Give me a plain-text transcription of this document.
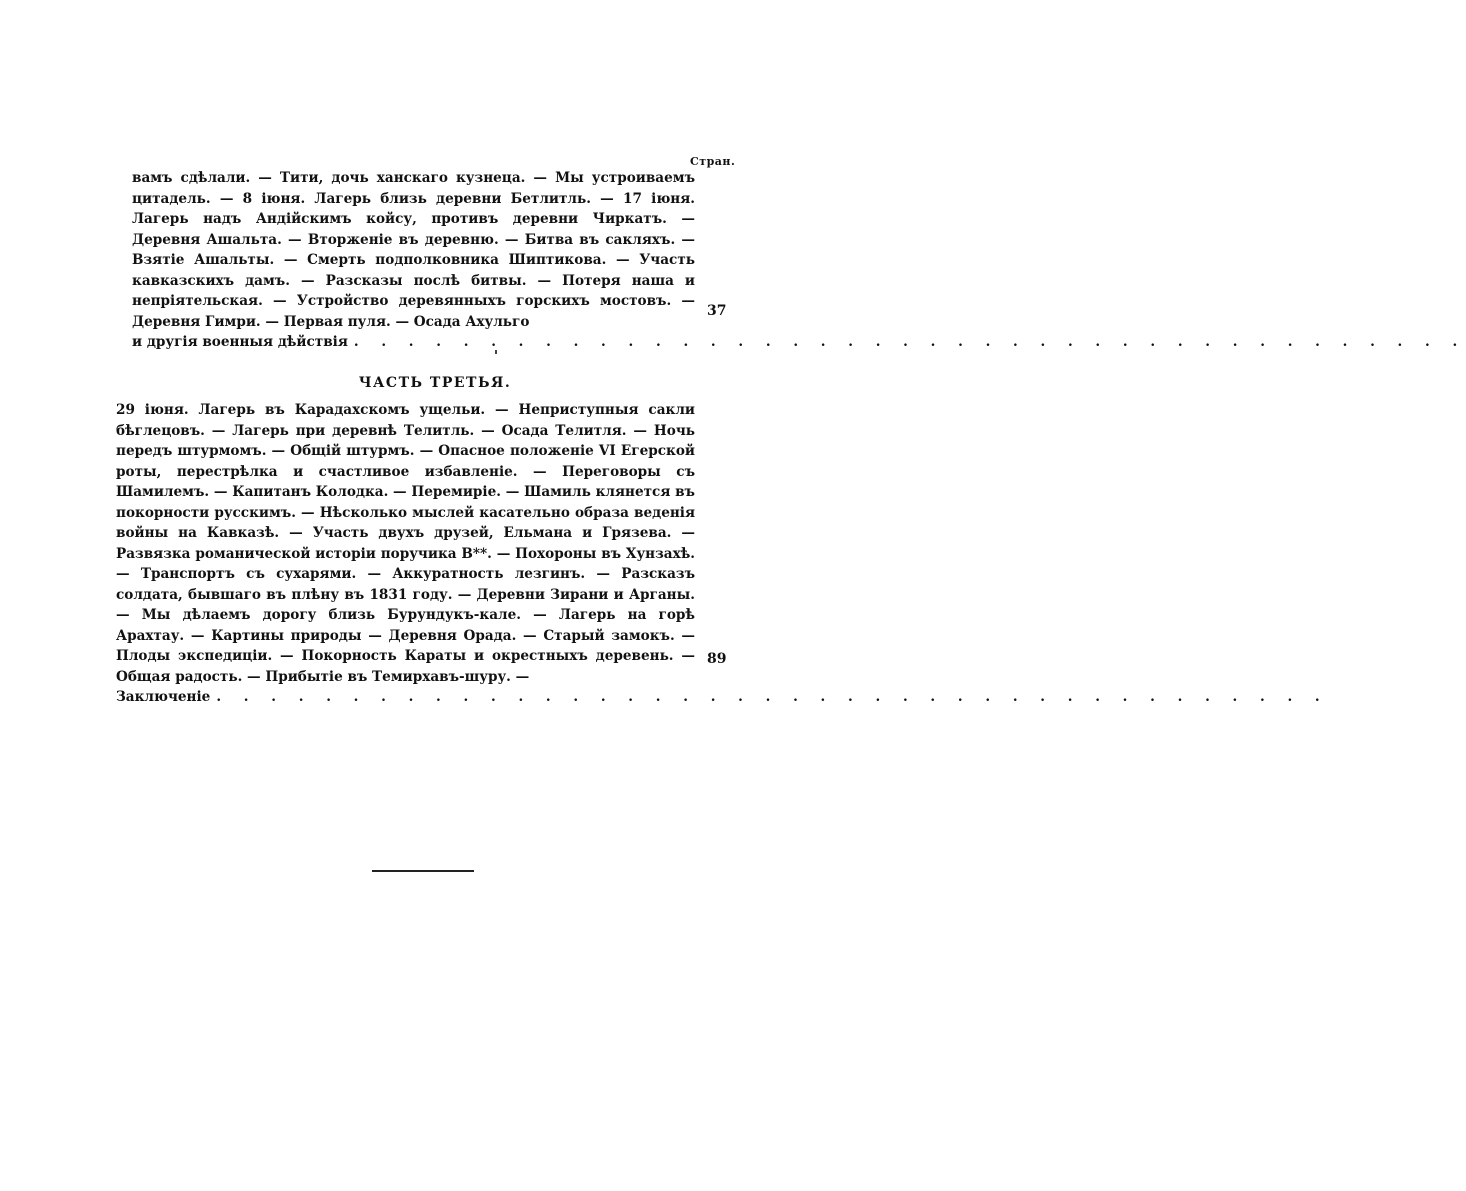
Стран.

вамъ сдѣлали. — Тити, дочь ханскаго кузнеца. — Мы устроиваемъ цитадель. — 8 іюня. Лагерь близь деревни Бетлитль. — 17 іюня. Лагерь надъ Андійскимъ койсу, противъ деревни Чиркатъ. — Деревня Ашальта. — Вторженіе въ деревню. — Битва въ сакляхъ. — Взятіе Ашальты. — Смерть подполковника Шиптикова. — Участь кавказскихъ дамъ. — Разсказы послѣ битвы. — Потеря наша и непріятельская. — Устройство деревянныхъ горскихъ мостовъ. — Деревня Гимри. — Первая пуля. — Осада Ахульго

и другія военныя дѣйствія . . . . . . . . . . . . . . . . . . . . . . . . . . . . . . . . . . . . . . . . .
37
ЧАСТЬ ТРЕТЬЯ.

29 іюня. Лагерь въ Карадахскомъ ущельи. — Неприступныя сакли бѣглецовъ. — Лагерь при деревнѣ Телитль. — Осада Телитля. — Ночь передъ штурмомъ. — Общій штурмъ. — Опасное положеніе VI Егерской роты, перестрѣлка и счастливое избавленіе. — Переговоры съ Шамилемъ. — Капитанъ Колодка. — Перемиріе. — Шамиль клянется въ покорности русскимъ. — Нѣсколько мыслей касательно образа веденія войны на Кавказѣ. — Участь двухъ друзей, Ельмана и Грязева. — Развязка романической исторіи поручика В**. — Похороны въ Хунзахѣ. — Транспортъ съ сухарями. — Аккуратность лезгинъ. — Разсказъ солдата, бывшаго въ плѣну въ 1831 году. — Деревни Зирани и Арганы. — Мы дѣлаемъ дорогу близь Бурундукъ-кале. — Лагерь на горѣ Арахтау. — Картины природы — Деревня Орада. — Старый замокъ. — Плоды экспедиціи. — Покорность Караты и окрестныхъ деревень. — Общая радость. — Прибытіе въ Темирхавъ-шуру. —

Заключеніе . . . . . . . . . . . . . . . . . . . . . . . . . . . . . . . . . . . . . . . . .
89
